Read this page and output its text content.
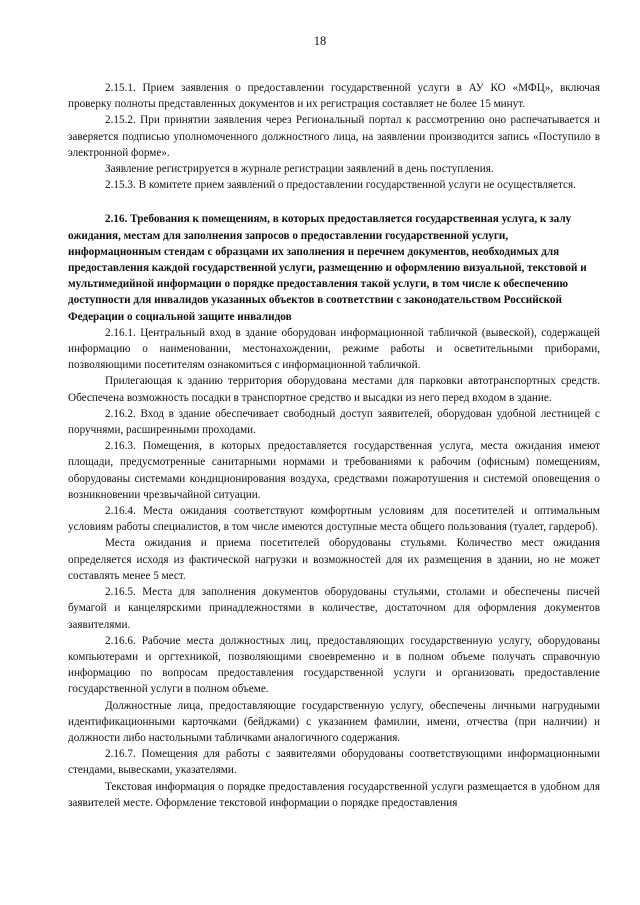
18

2.15.1. Прием заявления о предоставлении государственной услуги в АУ КО «МФЦ», включая проверку полноты представленных документов и их регистрация составляет не более 15 минут.

2.15.2. При принятии заявления через Региональный портал к рассмотрению оно распечатывается и заверяется подписью уполномоченного должностного лица, на заявлении производится запись «Поступило в электронной форме».

Заявление регистрируется в журнале регистрации заявлений в день поступления.

2.15.3. В комитете прием заявлений о предоставлении государственной услуги не осуществляется.

2.16. Требования к помещениям, в которых предоставляется государственная услуга, к залу ожидания, местам для заполнения запросов о предоставлении государственной услуги, информационным стендам с образцами их заполнения и перечнем документов, необходимых для предоставления каждой государственной услуги, размещению и оформлению визуальной, текстовой и мультимедийной информации о порядке предоставления такой услуги, в том числе к обеспечению доступности для инвалидов указанных объектов в соответствии с законодательством Российской Федерации о социальной защите инвалидов

2.16.1. Центральный вход в здание оборудован информационной табличкой (вывеской), содержащей информацию о наименовании, местонахождении, режиме работы и осветительными приборами, позволяющими посетителям ознакомиться с информационной табличкой.

Прилегающая к зданию территория оборудована местами для парковки автотранспортных средств. Обеспечена возможность посадки в транспортное средство и высадки из него перед входом в здание.

2.16.2. Вход в здание обеспечивает свободный доступ заявителей, оборудован удобной лестницей с поручнями, расширенными проходами.

2.16.3. Помещения, в которых предоставляется государственная услуга, места ожидания имеют площади, предусмотренные санитарными нормами и требованиями к рабочим (офисным) помещениям, оборудованы системами кондиционирования воздуха, средствами пожаротушения и системой оповещения о возникновении чрезвычайной ситуации.

2.16.4. Места ожидания соответствуют комфортным условиям для посетителей и оптимальным условиям работы специалистов, в том числе имеются доступные места общего пользования (туалет, гардероб).

Места ожидания и приема посетителей оборудованы стульями. Количество мест ожидания определяется исходя из фактической нагрузки и возможностей для их размещения в здании, но не может составлять менее 5 мест.

2.16.5. Места для заполнения документов оборудованы стульями, столами и обеспечены писчей бумагой и канцелярскими принадлежностями в количестве, достаточном для оформления документов заявителями.

2.16.6. Рабочие места должностных лиц, предоставляющих государственную услугу, оборудованы компьютерами и оргтехникой, позволяющими своевременно и в полном объеме получать справочную информацию по вопросам предоставления государственной услуги и организовать предоставление государственной услуги в полном объеме.

Должностные лица, предоставляющие государственную услугу, обеспечены личными нагрудными идентификационными карточками (бейджами) с указанием фамилии, имени, отчества (при наличии) и должности либо настольными табличками аналогичного содержания.

2.16.7. Помещения для работы с заявителями оборудованы соответствующими информационными стендами, вывесками, указателями.

Текстовая информация о порядке предоставления государственной услуги размещается в удобном для заявителей месте. Оформление текстовой информации о порядке предоставления
